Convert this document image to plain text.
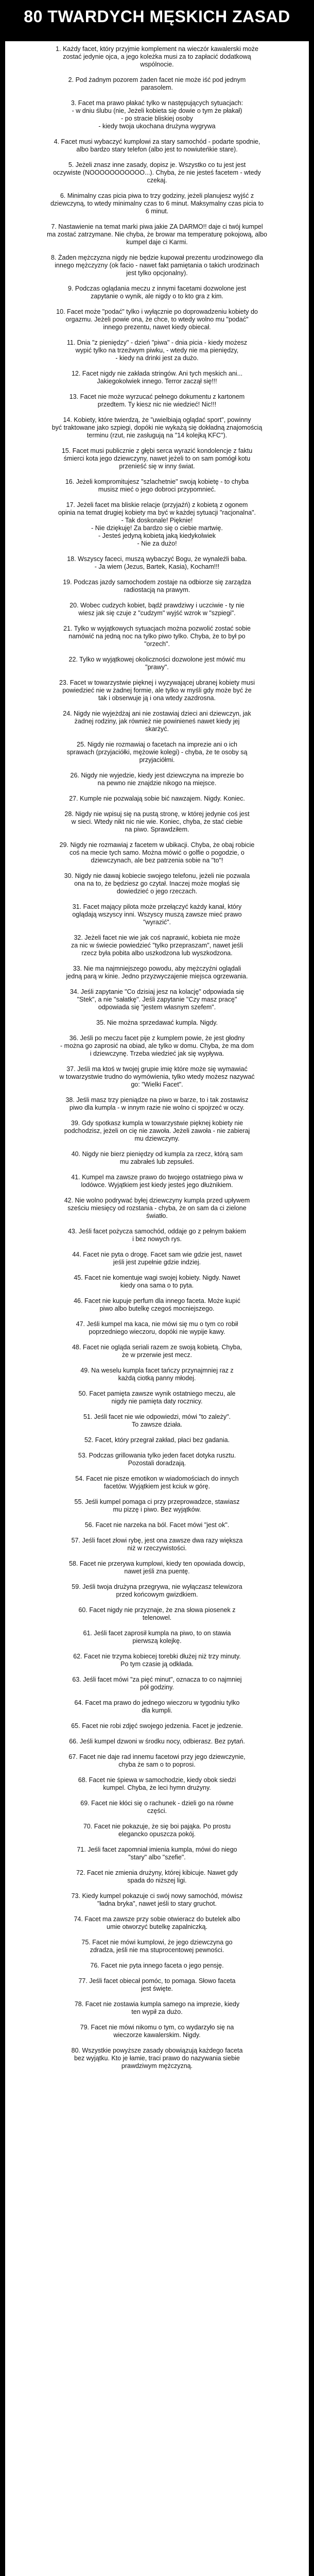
80 TWARDYCH MĘSKICH ZASAD
1. Każdy facet, który przyjmie komplement na wieczór kawalerski może
zostać jedynie ojca, a jego koleżka musi za to zapłacić dodatkową
wspólnocie.
2. Pod żadnym pozorem żaden facet nie może iść pod jednym
parasolem.
3. Facet ma prawo płakać tylko w następujących sytuacjach:
- w dniu ślubu (nie, Jeżeli kobieta się dowie o tym że płakał)
- po stracie bliskiej osoby
- kiedy twoja ukochana drużyna wygrywa
4. Facet musi wybaczyć kumplowi za stary samochód - podarte spodnie,
albo bardzo stary telefon (albo jest to nowiuteńkie stare).
5. Jeżeli znasz inne zasady, dopisz je. Wszystko co tu jest jest
oczywiste (NOOOOOOOOOOO...). Chyba, że nie jesteś facetem - wtedy
czekaj.
6. Minimalny czas picia piwa to trzy godziny, jeżeli planujesz wyjść z
dziewczyną, to wtedy minimalny czas to 6 minut. Maksymalny czas picia to
6 minut.
7. Nastawienie na temat marki piwa jakie ZA DARMO!! daje ci twój kumpel
ma zostać zatrzymane. Nie chyba, że browar ma temperaturę pokojową, albo
kumpel daje ci Karmi.
8. Żaden mężczyzna nigdy nie będzie kupował prezentu urodzinowego dla
innego mężczyzny (ok facio - nawet fakt pamiętania o takich urodzinach
jest tylko opcjonalny).
9. Podczas oglądania meczu z innymi facetami dozwolone jest
zapytanie o wynik, ale nigdy o to kto gra z kim.
10. Facet może "podać" tylko i wyłącznie po doprowadzeniu kobiety do
orgazmu. Jeżeli powie ona, że chce, to wtedy wolno mu "podać"
innego prezentu, nawet kiedy obiecał.
11. Dnia "z pieniędzy" - dzień "piwa" - dnia picia - kiedy możesz
wypić tylko na trzeźwym piwku, - wtedy nie ma pieniędzy,
- kiedy na drinki jest za dużo.
12. Facet nigdy nie zakłada stringów. Ani tych męskich ani...
Jakiegokolwiek innego. Terror zaczął się!!!
13. Facet nie może wyrzucać pełnego dokumentu z kartonem
przedtem. Ty kiesz nic nie wiedzieć! Nic!!!
14. Kobiety, które twierdzą, że "uwielbiają oglądać sport", powinny
być traktowane jako szpiegi, dopóki nie wykażą się dokładną znajomością
terminu (rzut, nie zasługują na "14 kolejką KFC").
15. Facet musi publicznie z głębi serca wyrazić kondolencje z faktu
śmierci kota jego dziewczyny, nawet jeżeli to on sam pomógł kotu
przenieść się w inny świat.
16. Jeżeli kompromitujesz "szlachetnie" swoją kobietę - to chyba
musisz mieć o jego dobroci przypomnieć.
17. Jeżeli facet ma bliskie relacje (przyjaźń) z kobietą z ogonem
opinia na temat drugiej kobiety ma być w każdej sytuacji "racjonalna".
- Tak doskonale! Pięknie!
- Nie dziękuję! Za bardzo się o ciebie martwię.
- Jesteś jedyną kobietą jaką kiedykolwiek
- Nie za dużo!
18. Wszyscy faceci, muszą wybaczyć Bogu, że wynaleźli baba.
- Ja wiem (Jezus, Bartek, Kasia), Kocham!!!
19. Podczas jazdy samochodem zostaje na odbiorze się zarządza
radiostacją na prawym.
20. Wobec cudzych kobiet, bądź prawdziwy i uczciwie - ty nie
wiesz jak się czuje z "cudzym" wyjść wzrok w "szpiegi".
21. Tylko w wyjątkowych sytuacjach można pozwolić zostać sobie
namówić na jedną noc na tylko piwo tylko. Chyba, że to był po
"orzech".
22. Tylko w wyjątkowej okoliczności dozwolone jest mówić mu
"prawy".
23. Facet w towarzystwie pięknej i wyzywającej ubranej kobiety musi
powiedzieć nie w żadnej formie, ale tylko w myśli gdy może być że
tak i obserwuje ją i ona wtedy zazdrosna.
24. Nigdy nie wyjeżdżaj ani nie zostawiaj dzieci ani dziewczyn, jak
żadnej rodziny, jak również nie powinieneś nawet kiedy jej
skarżyć.
25. Nigdy nie rozmawiaj o facetach na imprezie ani o ich
sprawach (przyjaciółki, mężowie kolegi) - chyba, że te osoby są
przyjaciółmi.
26. Nigdy nie wyjedzie, kiedy jest dziewczyna na imprezie bo
na pewno nie znajdzie nikogo na miejsce.
27. Kumple nie pozwalają sobie bić nawzajem. Nigdy. Koniec.
28. Nigdy nie wpisuj się na pustą stronę, w której jedynie coś jest
w sieci. Wtedy nikt nic nie wie. Koniec, chyba, że stać ciebie
na piwo. Sprawdziłem.
29. Nigdy nie rozmawiaj z facetem w ubikacji. Chyba, że obaj robicie
coś na mecie tych samo. Można mówić o golfie o pogodzie, o
dziewczynach, ale bez patrzenia sobie na "to"!
30. Nigdy nie dawaj kobiecie swojego telefonu, jeżeli nie pozwala
ona na to, że będziesz go czytał. Inaczej może mogłaś się
dowiedzieć o jego rzeczach.
31. Facet mający pilota może przełączyć każdy kanał, który
oglądają wszyscy inni. Wszyscy muszą zawsze mieć prawo
"wyrazić".
32. Jeżeli facet nie wie jak coś naprawić, kobieta nie może
za nic w świecie powiedzieć "tylko przepraszam", nawet jeśli
rzecz była pobita albo uszkodzona lub wyszkodzona.
33. Nie ma najmniejszego powodu, aby mężczyźni oglądali
jedną parą w kinie. Jedno przyzwyczajenie miejsca ogrzewania.
34. Jeśli zapytanie "Co dzisiaj jesz na kolację" odpowiada się
"Stek", a nie "sałatkę". Jeśli zapytanie "Czy masz pracę"
odpowiada się "jestem własnym szefem".
35. Nie można sprzedawać kumpla. Nigdy.
36. Jeśli po meczu facet pije z kumplem powie, że jest głodny
- można go zaprosić na obiad, ale tylko w domu. Chyba, że ma dom
i dziewczynę. Trzeba wiedzieć jak się wypływa.
37. Jeśli ma ktoś w twojej grupie imię które może się wymawiać
w towarzystwie trudno do wymówienia, tylko wtedy możesz nazywać
go: "Wielki Facet".
38. Jeśli masz trzy pieniądze na piwo w barze, to i tak zostawisz
piwo dla kumpla - w innym razie nie wolno ci spojrzeć w oczy.
39. Gdy spotkasz kumpla w towarzystwie pięknej kobiety nie
podchodzisz, jeżeli on cię nie zawoła. Jeżeli zawoła - nie zabieraj
mu dziewczyny.
40. Nigdy nie bierz pieniędzy od kumpla za rzecz, którą sam
mu zabrałeś lub zepsułeś.
41. Kumpel ma zawsze prawo do twojego ostatniego piwa w
lodówce. Wyjątkiem jest kiedy jesteś jego dłużnikiem.
42. Nie wolno podrywać byłej dziewczyny kumpla przed upływem
sześciu miesięcy od rozstania - chyba, że on sam da ci zielone
światło.
43. Jeśli facet pożycza samochód, oddaje go z pełnym bakiem
i bez nowych rys.
44. Facet nie pyta o drogę. Facet sam wie gdzie jest, nawet
jeśli jest zupełnie gdzie indziej.
45. Facet nie komentuje wagi swojej kobiety. Nigdy. Nawet
kiedy ona sama o to pyta.
46. Facet nie kupuje perfum dla innego faceta. Może kupić
piwo albo butelkę czegoś mocniejszego.
47. Jeśli kumpel ma kaca, nie mówi się mu o tym co robił
poprzedniego wieczoru, dopóki nie wypije kawy.
48. Facet nie ogląda seriali razem ze swoją kobietą. Chyba,
że w przerwie jest mecz.
49. Na weselu kumpla facet tańczy przynajmniej raz z
każdą ciotką panny młodej.
50. Facet pamięta zawsze wynik ostatniego meczu, ale
nigdy nie pamięta daty rocznicy.
51. Jeśli facet nie wie odpowiedzi, mówi "to zależy".
To zawsze działa.
52. Facet, który przegrał zakład, płaci bez gadania.
53. Podczas grillowania tylko jeden facet dotyka rusztu.
Pozostali doradzają.
54. Facet nie pisze emotikon w wiadomościach do innych
facetów. Wyjątkiem jest kciuk w górę.
55. Jeśli kumpel pomaga ci przy przeprowadzce, stawiasz
mu pizzę i piwo. Bez wyjątków.
56. Facet nie narzeka na ból. Facet mówi "jest ok".
57. Jeśli facet złowi rybę, jest ona zawsze dwa razy większa
niż w rzeczywistości.
58. Facet nie przerywa kumplowi, kiedy ten opowiada dowcip,
nawet jeśli zna puentę.
59. Jeśli twoja drużyna przegrywa, nie wyłączasz telewizora
przed końcowym gwizdkiem.
60. Facet nigdy nie przyznaje, że zna słowa piosenek z
telenowel.
61. Jeśli facet zaprosił kumpla na piwo, to on stawia
pierwszą kolejkę.
62. Facet nie trzyma kobiecej torebki dłużej niż trzy minuty.
Po tym czasie ją odkłada.
63. Jeśli facet mówi "za pięć minut", oznacza to co najmniej
pół godziny.
64. Facet ma prawo do jednego wieczoru w tygodniu tylko
dla kumpli.
65. Facet nie robi zdjęć swojego jedzenia. Facet je jedzenie.
66. Jeśli kumpel dzwoni w środku nocy, odbierasz. Bez pytań.
67. Facet nie daje rad innemu facetowi przy jego dziewczynie,
chyba że sam o to poprosi.
68. Facet nie śpiewa w samochodzie, kiedy obok siedzi
kumpel. Chyba, że leci hymn drużyny.
69. Facet nie kłóci się o rachunek - dzieli go na równe
części.
70. Facet nie pokazuje, że się boi pająka. Po prostu
elegancko opuszcza pokój.
71. Jeśli facet zapomniał imienia kumpla, mówi do niego
"stary" albo "szefie".
72. Facet nie zmienia drużyny, której kibicuje. Nawet gdy
spada do niższej ligi.
73. Kiedy kumpel pokazuje ci swój nowy samochód, mówisz
"ładna bryka", nawet jeśli to stary gruchot.
74. Facet ma zawsze przy sobie otwieracz do butelek albo
umie otworzyć butelkę zapalniczką.
75. Facet nie mówi kumplowi, że jego dziewczyna go
zdradza, jeśli nie ma stuprocentowej pewności.
76. Facet nie pyta innego faceta o jego pensję.
77. Jeśli facet obiecał pomóc, to pomaga. Słowo faceta
jest święte.
78. Facet nie zostawia kumpla samego na imprezie, kiedy
ten wypił za dużo.
79. Facet nie mówi nikomu o tym, co wydarzyło się na
wieczorze kawalerskim. Nigdy.
80. Wszystkie powyższe zasady obowiązują każdego faceta
bez wyjątku. Kto je łamie, traci prawo do nazywania siebie
prawdziwym mężczyzną.
